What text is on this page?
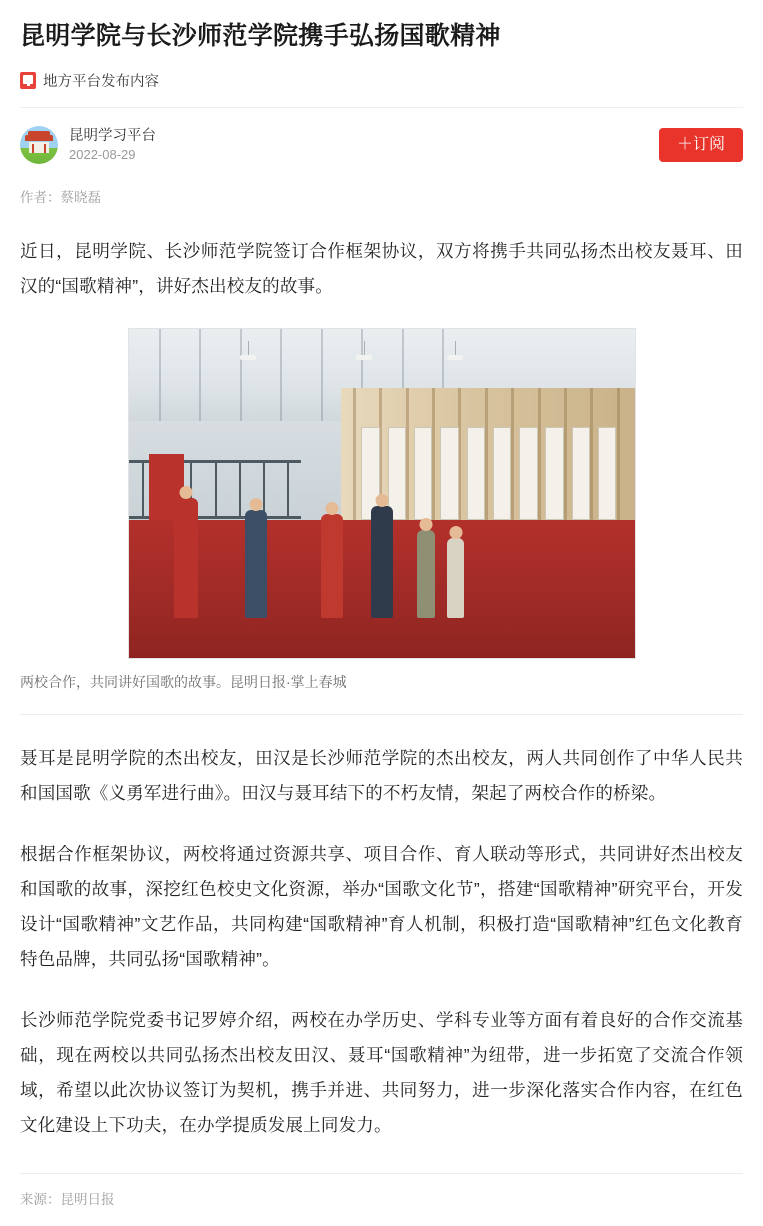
昆明学院与长沙师范学院携手弘扬国歌精神
地方平台发布内容
昆明学习平台
2022-08-29
＋订阅
作者：蔡晓磊

近日，昆明学院、长沙师范学院签订合作框架协议，双方将携手共同弘扬杰出校友聂耳、田汉的“国歌精神”，讲好杰出校友的故事。

两校合作，共同讲好国歌的故事。昆明日报·掌上春城

聂耳是昆明学院的杰出校友，田汉是长沙师范学院的杰出校友，两人共同创作了中华人民共和国国歌《义勇军进行曲》。田汉与聂耳结下的不朽友情，架起了两校合作的桥梁。

根据合作框架协议，两校将通过资源共享、项目合作、育人联动等形式，共同讲好杰出校友和国歌的故事，深挖红色校史文化资源，举办“国歌文化节”，搭建“国歌精神”研究平台，开发设计“国歌精神”文艺作品，共同构建“国歌精神”育人机制，积极打造“国歌精神”红色文化教育特色品牌，共同弘扬“国歌精神”。

长沙师范学院党委书记罗婷介绍，两校在办学历史、学科专业等方面有着良好的合作交流基础，现在两校以共同弘扬杰出校友田汉、聂耳“国歌精神”为纽带，进一步拓宽了交流合作领域，希望以此次协议签订为契机，携手并进、共同努力，进一步深化落实合作内容，在红色文化建设上下功夫，在办学提质发展上同发力。

来源：昆明日报
